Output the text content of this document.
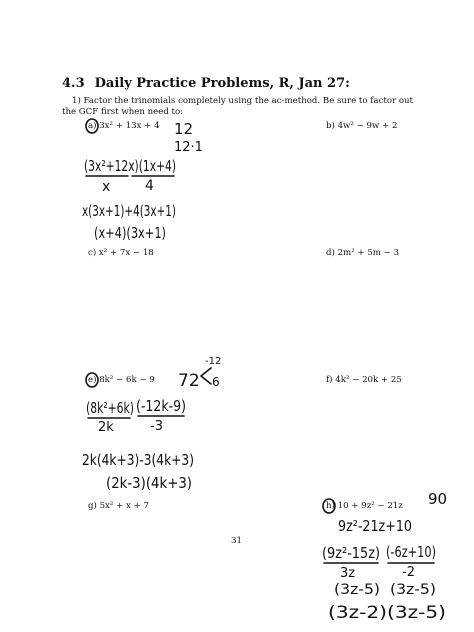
4.3 Daily Practice Problems, R, Jan 27:
1) Factor the trinomials completely using the ac-method. Be sure to factor out
the GCF first when need to:
a) 3x² + 13x + 4	b) 4w² − 9w + 2
c) x² + 7x − 18	d) 2m² + 5m − 3
e) 8k² − 6k − 9	f) 4k² − 20k + 25
g) 5x² + x + 7	h) 10 + 9z² − 21z
31
12
12·1
(3x²+12x)(1x+4)
x 4
x(3x+1)+4(3x+1)
(x+4)(3x+1)
72
-12
6
(8k²+6k) (-12k-9)
2k	-3
2k(4k+3)-3(4k+3)
(2k-3)(4k+3)
90
9z²-21z+10
(9z²-15z) (-6z+10)
3z	-2
(3z-5)  (3z-5)
(3z-2)(3z-5)
